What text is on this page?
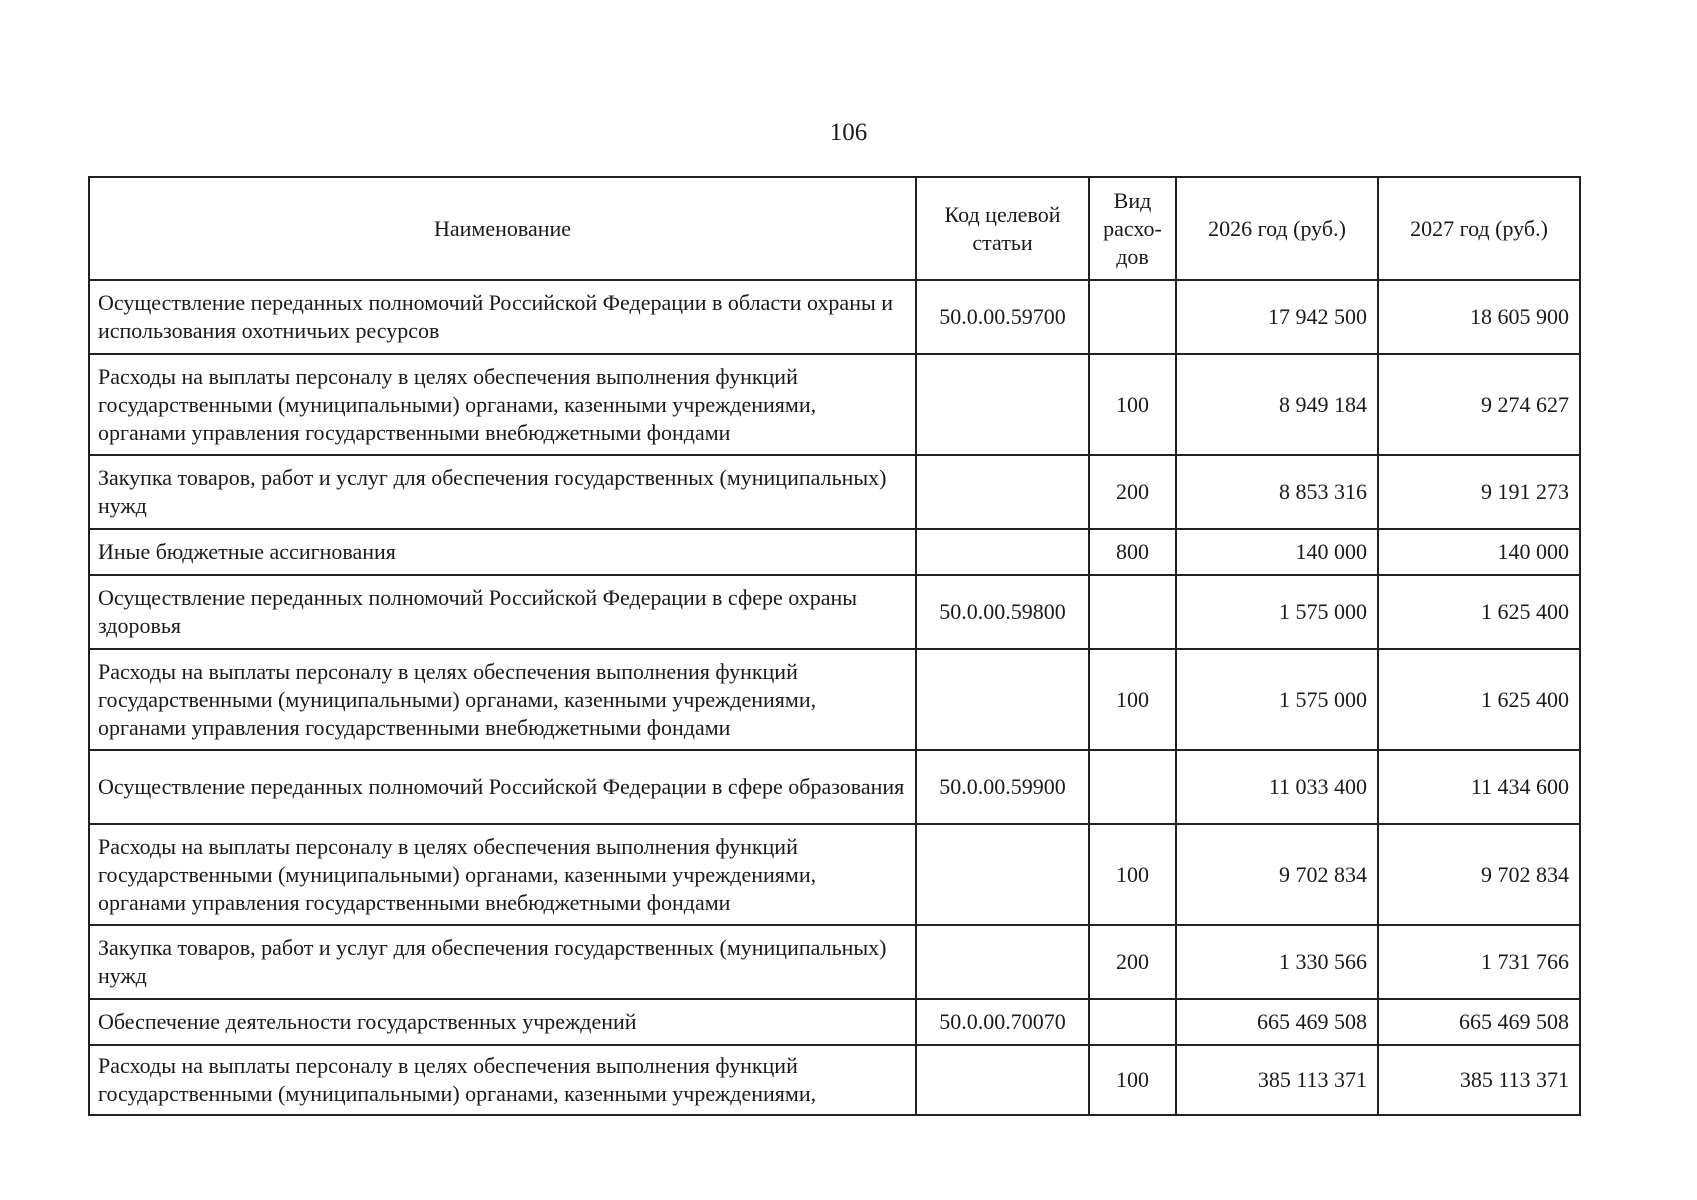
106
Наименование	Код целевой статьи	Вид расхо-дов	2026 год (руб.)	2027 год (руб.)
Осуществление переданных полномочий Российской Федерации в области охраны и использования охотничьих ресурсов	50.0.00.59700		17 942 500	18 605 900
Расходы на выплаты персоналу в целях обеспечения выполнения функций государственными (муниципальными) органами, казенными учреждениями, органами управления государственными внебюджетными фондами		100	8 949 184	9 274 627
Закупка товаров, работ и услуг для обеспечения государственных (муниципальных) нужд		200	8 853 316	9 191 273
Иные бюджетные ассигнования		800	140 000	140 000
Осуществление переданных полномочий Российской Федерации в сфере охраны здоровья	50.0.00.59800		1 575 000	1 625 400
Расходы на выплаты персоналу в целях обеспечения выполнения функций государственными (муниципальными) органами, казенными учреждениями, органами управления государственными внебюджетными фондами		100	1 575 000	1 625 400
Осуществление переданных полномочий Российской Федерации в сфере образования	50.0.00.59900		11 033 400	11 434 600
Расходы на выплаты персоналу в целях обеспечения выполнения функций государственными (муниципальными) органами, казенными учреждениями, органами управления государственными внебюджетными фондами		100	9 702 834	9 702 834
Закупка товаров, работ и услуг для обеспечения государственных (муниципальных) нужд		200	1 330 566	1 731 766
Обеспечение деятельности государственных учреждений	50.0.00.70070		665 469 508	665 469 508
Расходы на выплаты персоналу в целях обеспечения выполнения функций государственными (муниципальными) органами, казенными учреждениями,		100	385 113 371	385 113 371
